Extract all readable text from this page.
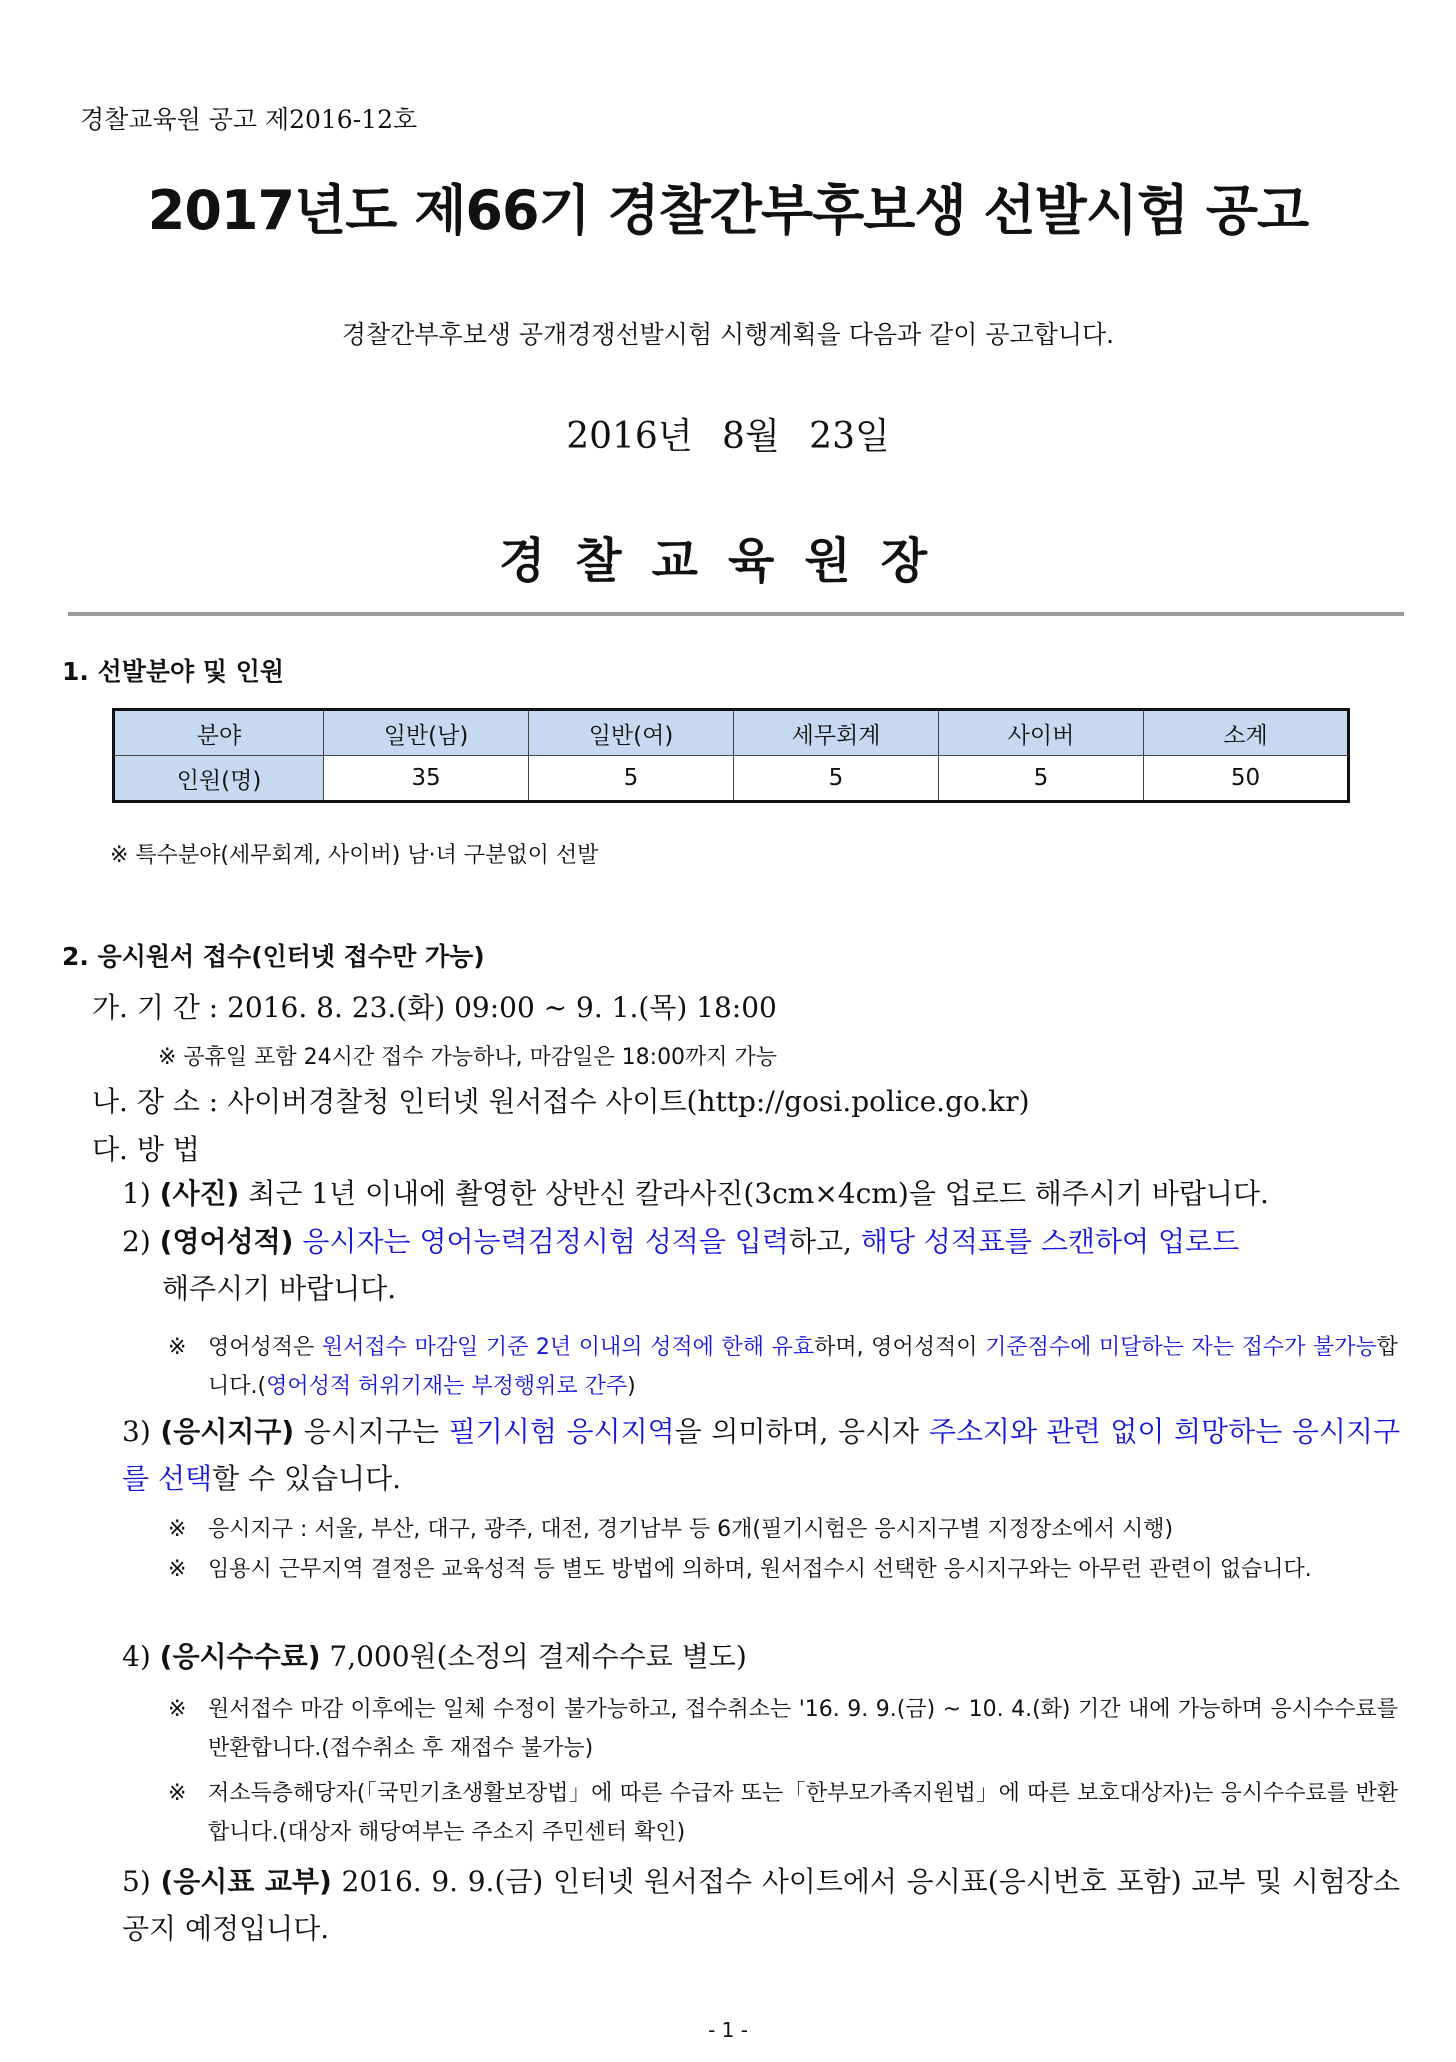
경찰교육원 공고 제2016-12호
2017년도 제66기 경찰간부후보생 선발시험 공고
경찰간부후보생 공개경쟁선발시험 시행계획을 다음과 같이 공고합니다.
2016년 8월 23일
경찰교육원장
1. 선발분야 및 인원
분야	일반(남)	일반(여)	세무회계	사이버	소계
인원(명)	35	5	5	5	50
※ 특수분야(세무회계, 사이버) 남·녀 구분없이 선발
2. 응시원서 접수(인터넷 접수만 가능)
가. 기 간 : 2016. 8. 23.(화) 09:00 ~ 9. 1.(목) 18:00
※ 공휴일 포함 24시간 접수 가능하나, 마감일은 18:00까지 가능
나. 장 소 : 사이버경찰청 인터넷 원서접수 사이트(http://gosi.police.go.kr)
다. 방 법
1) (사진) 최근 1년 이내에 촬영한 상반신 칼라사진(3cm×4cm)을 업로드 해주시기 바랍니다.
2) (영어성적) 응시자는 영어능력검정시험 성적을 입력하고, 해당 성적표를 스캔하여 업로드
해주시기 바랍니다.
※ 영어성적은 원서접수 마감일 기준 2년 이내의 성적에 한해 유효하며, 영어성적이 기준점수에 미달하는 자는 접수가 불가능합니다.(영어성적 허위기재는 부정행위로 간주)
3) (응시지구) 응시지구는 필기시험 응시지역을 의미하며, 응시자 주소지와 관련 없이 희망하는 응시지구를 선택할 수 있습니다.
※ 응시지구 : 서울, 부산, 대구, 광주, 대전, 경기남부 등 6개(필기시험은 응시지구별 지정장소에서 시행)
※ 임용시 근무지역 결정은 교육성적 등 별도 방법에 의하며, 원서접수시 선택한 응시지구와는 아무런 관련이 없습니다.
4) (응시수수료) 7,000원(소정의 결제수수료 별도)
※ 원서접수 마감 이후에는 일체 수정이 불가능하고, 접수취소는 '16. 9. 9.(금) ~ 10. 4.(화) 기간 내에 가능하며 응시수수료를 반환합니다.(접수취소 후 재접수 불가능)
※ 저소득층해당자(「국민기초생활보장법」에 따른 수급자 또는「한부모가족지원법」에 따른 보호대상자)는 응시수수료를 반환합니다.(대상자 해당여부는 주소지 주민센터 확인)
5) (응시표 교부) 2016. 9. 9.(금) 인터넷 원서접수 사이트에서 응시표(응시번호 포함) 교부 및 시험장소 공지 예정입니다.
- 1 -
